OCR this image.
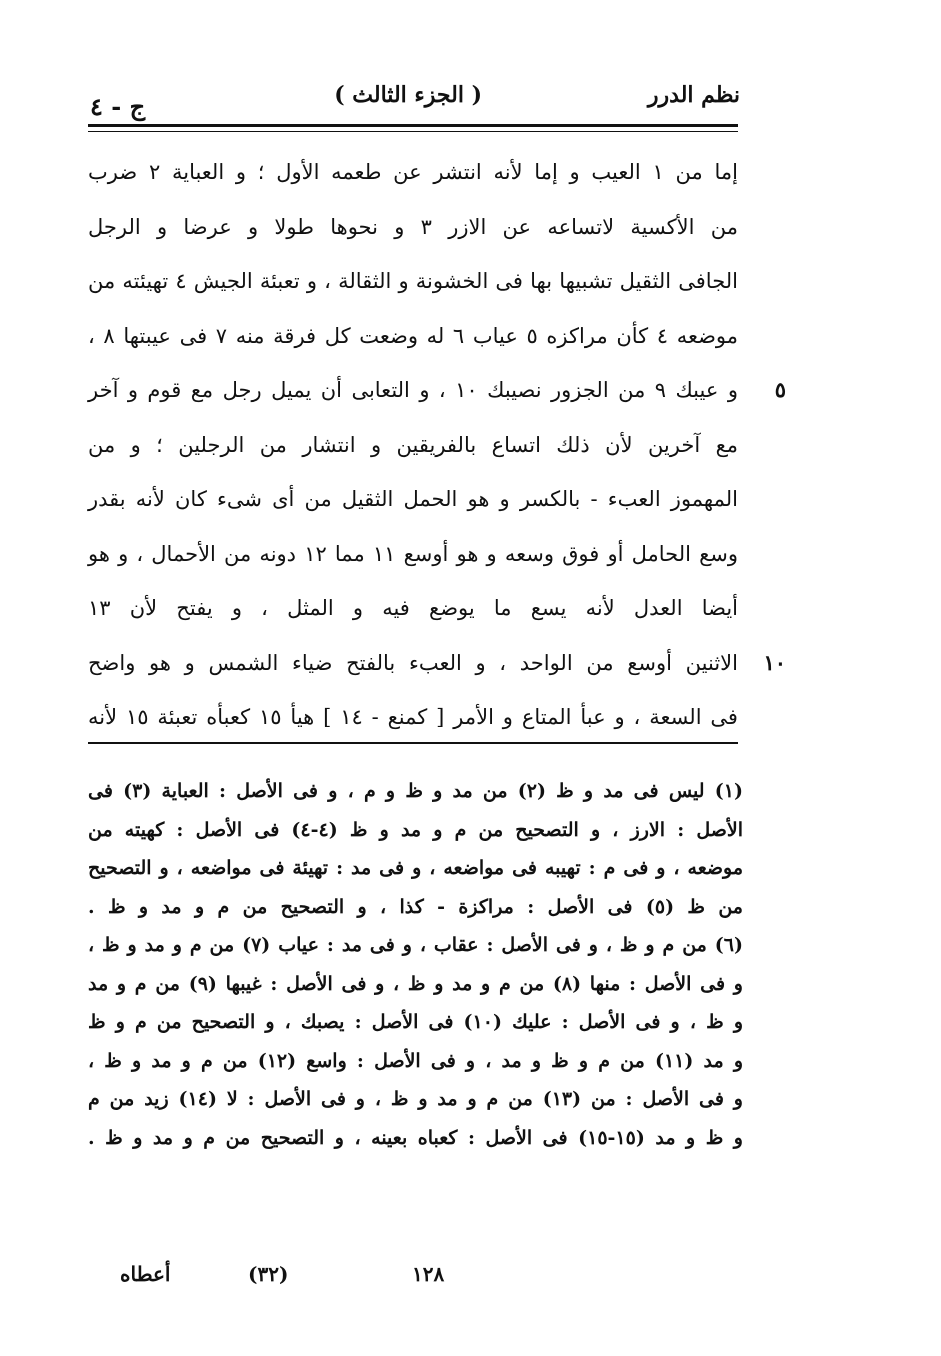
نظم الدرر
( الجزء الثالث )
ج - ٤
إما من ١ العيب و إما لأنه انتشر عن طعمه الأول ؛ و العباية ٢ ضرب
من الأكسية لاتساعه عن الازر ٣ و نحوها طولا و عرضا و الرجل
الجافى الثقيل تشبيها بها فى الخشونة و الثقالة ، و تعبئة الجيش ٤ تهيئته من
موضعه ٤ كأن مراكزه ٥ عياب ٦ له وضعت كل فرقة منه ٧ فى عيبتها ٨ ،
٥
و عيبك ٩ من الجزور نصيبك ١٠ ، و التعابى أن يميل رجل مع قوم و آخر
مع آخرين لأن ذلك اتساع بالفريقين و انتشار من الرجلين ؛ و من
المهموز العبء - بالكسر و هو الحمل الثقيل من أى شىء كان لأنه بقدر
وسع الحامل أو فوق وسعه و هو أوسع ١١ مما ١٢ دونه من الأحمال ، و هو
أيضا العدل لأنه يسع ما يوضع فيه و المثل ، و يفتح لأن ١٣
١٠
الاثنين أوسع من الواحد ، و العبء بالفتح ضياء الشمس و هو واضح
فى السعة ، و عبأ المتاع و الأمر [ كمنع - ١٤ ] هيأ ١٥ كعبأه تعبئة ١٥ لأنه
(١) ليس فى مد و ظ (٢) من مد و ظ و م ، و فى الأصل : العباية (٣) فى
الأصل : الارز ، و التصحيح من م و مد و ظ (٤-٤) فى الأصل : كهيته من
موضعه ، و فى م : تهيبه فى مواضعه ، و فى مد : تهيئة فى مواضعه ، و التصحيح
من ظ (٥) فى الأصل : مراكزة - كذا ، و التصحيح من م و مد و ظ .
(٦) من م و ظ ، و فى الأصل : عقاب ، و فى مد : عياب (٧) من م و مد و ظ ،
و فى الأصل : منها (٨) من م و مد و ظ ، و فى الأصل : غيبها (٩) من م و مد
و ظ ، و فى الأصل : عليك (١٠) فى الأصل : يصبك ، و التصحيح من م و ظ
و مد (١١) من م و ظ و مد ، و فى الأصل : واسع (١٢) من م و مد و ظ ،
و فى الأصل : من (١٣) من م و مد و ظ ، و فى الأصل : لا (١٤) زيد من م
و ظ و مد (١٥-١٥) فى الأصل : كعباه بعينه ، و التصحيح من م و مد و ظ .
١٢٨
(٣٢)
أعطاه
